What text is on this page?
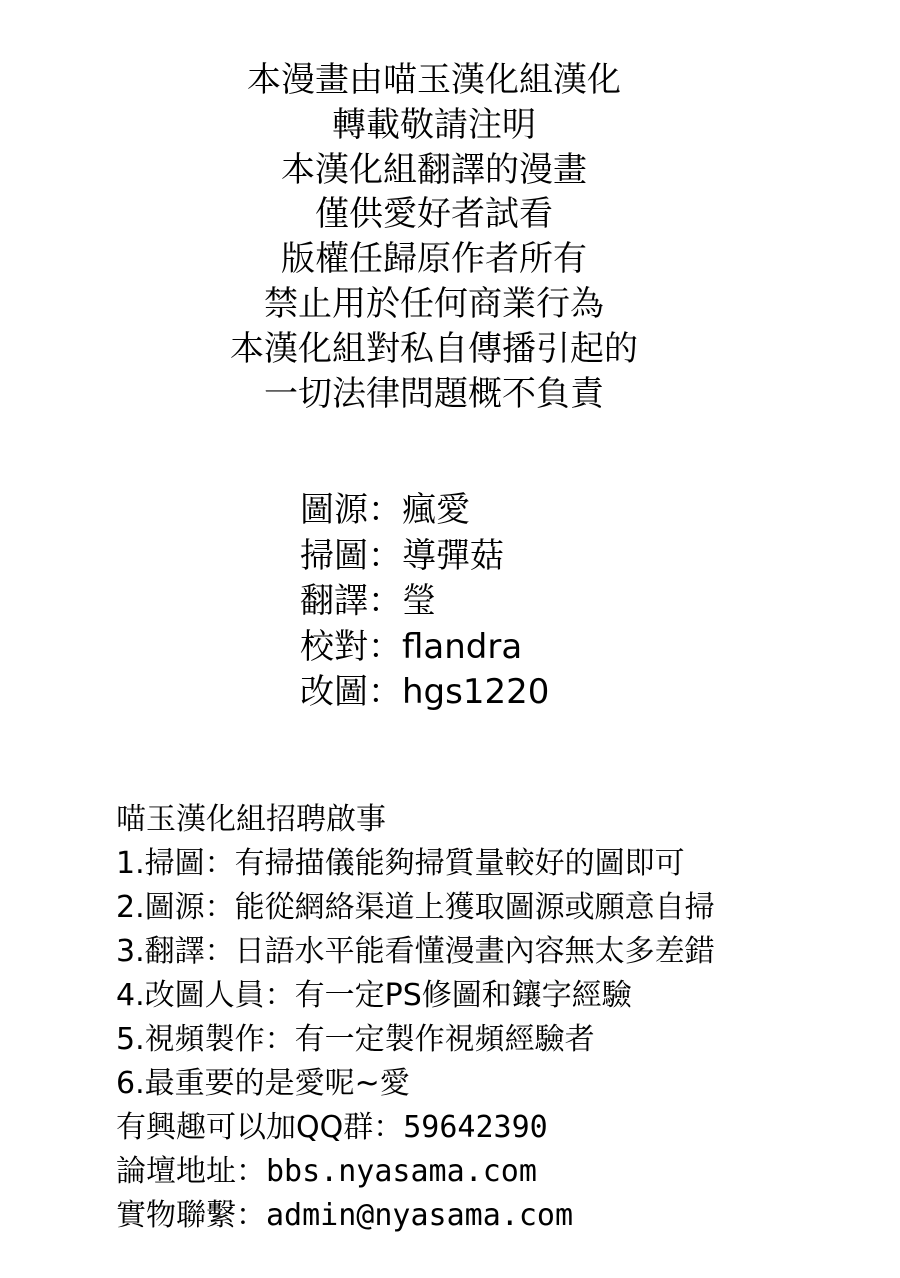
本漫畫由喵玉漢化組漢化
轉載敬請注明
本漢化組翻譯的漫畫
僅供愛好者試看
版權任歸原作者所有
禁止用於任何商業行為
本漢化組對私自傳播引起的
一切法律問題概不負責
圖源：瘋愛
掃圖：導彈菇
翻譯：瑩
校對：flandra
改圖：hgs1220
喵玉漢化組招聘啟事
1.掃圖：有掃描儀能夠掃質量較好的圖即可
2.圖源：能從網絡渠道上獲取圖源或願意自掃
3.翻譯：日語水平能看懂漫畫內容無太多差錯
4.改圖人員：有一定PS修圖和鑲字經驗
5.視頻製作：有一定製作視頻經驗者
6.最重要的是愛呢~愛
有興趣可以加QQ群：59642390
論壇地址：bbs.nyasama.com
實物聯繫：admin@nyasama.com
